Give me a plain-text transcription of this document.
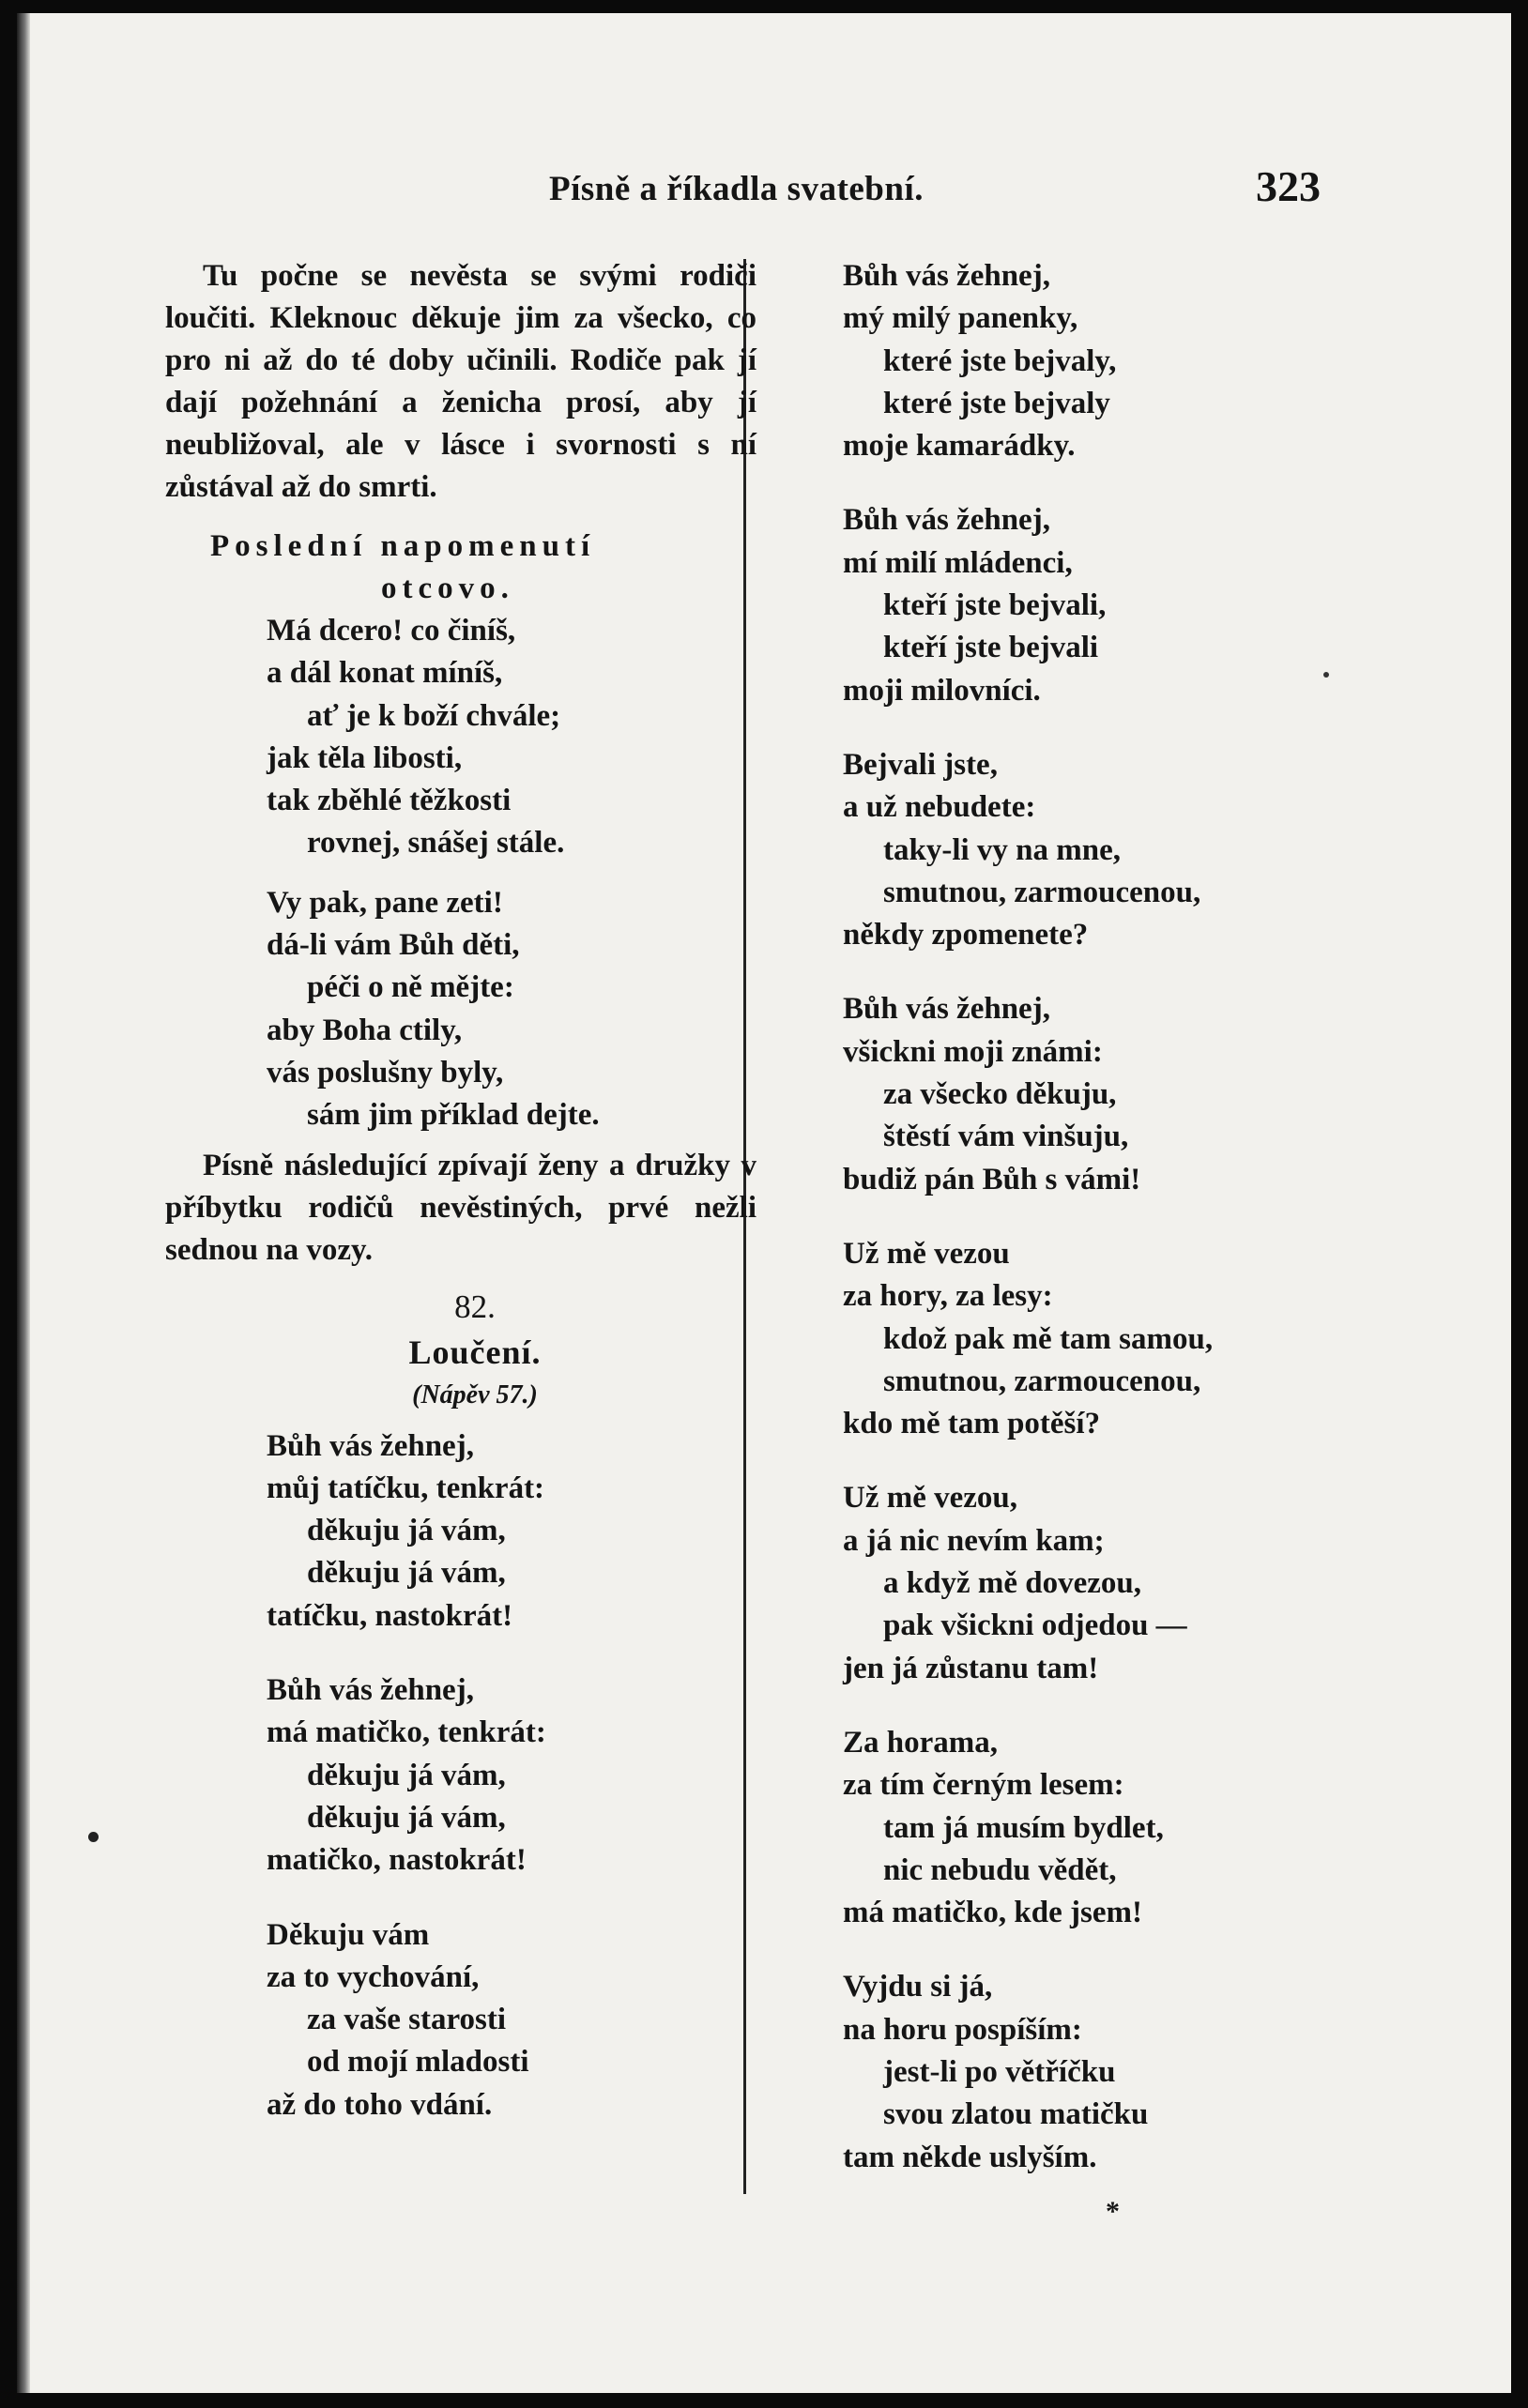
Písně a říkadla svatební.	323

Tu počne se nevěsta se svými rodiči loučiti. Kleknouc děkuje jim za všecko, co pro ni až do té doby učinili. Rodiče pak jí dají požehnání a ženicha prosí, aby jí neubližoval, ale v lásce i svornosti s ní zůstával až do smrti.

Poslední napomenutí
otcovo.
Má dcero! co činíš,
a dál konat míníš,
ať je k boží chvále;
jak těla libosti,
tak zběhlé těžkosti
rovnej, snášej stále.
Vy pak, pane zeti!
dá-li vám Bůh děti,
péči o ně mějte:
aby Boha ctily,
vás poslušny byly,
sám jim příklad dejte.

Písně následující zpívají ženy a družky v příbytku rodičů nevěstiných, prvé nežli sednou na vozy.

82.
Loučení.
(Nápěv 57.)
Bůh vás žehnej,
můj tatíčku, tenkrát:
děkuju já vám,
děkuju já vám,
tatíčku, nastokrát!
Bůh vás žehnej,
má matičko, tenkrát:
děkuju já vám,
děkuju já vám,
matičko, nastokrát!
Děkuju vám
za to vychování,
za vaše starosti
od mojí mladosti
až do toho vdání.
Bůh vás žehnej,
mý milý panenky,
které jste bejvaly,
které jste bejvaly
moje kamarádky.
Bůh vás žehnej,
mí milí mládenci,
kteří jste bejvali,
kteří jste bejvali
moji milovníci.
Bejvali jste,
a už nebudete:
taky-li vy na mne,
smutnou, zarmoucenou,
někdy zpomenete?
Bůh vás žehnej,
všickni moji známi:
za všecko děkuju,
štěstí vám vinšuju,
budiž pán Bůh s vámi!
Už mě vezou
za hory, za lesy:
kdož pak mě tam samou,
smutnou, zarmoucenou,
kdo mě tam potěší?
Už mě vezou,
a já nic nevím kam;
a když mě dovezou,
pak všickni odjedou —
jen já zůstanu tam!
Za horama,
za tím černým lesem:
tam já musím bydlet,
nic nebudu vědět,
má matičko, kde jsem!
Vyjdu si já,
na horu pospíším:
jest-li po větříčku
svou zlatou matičku
tam někde uslyším.
*
